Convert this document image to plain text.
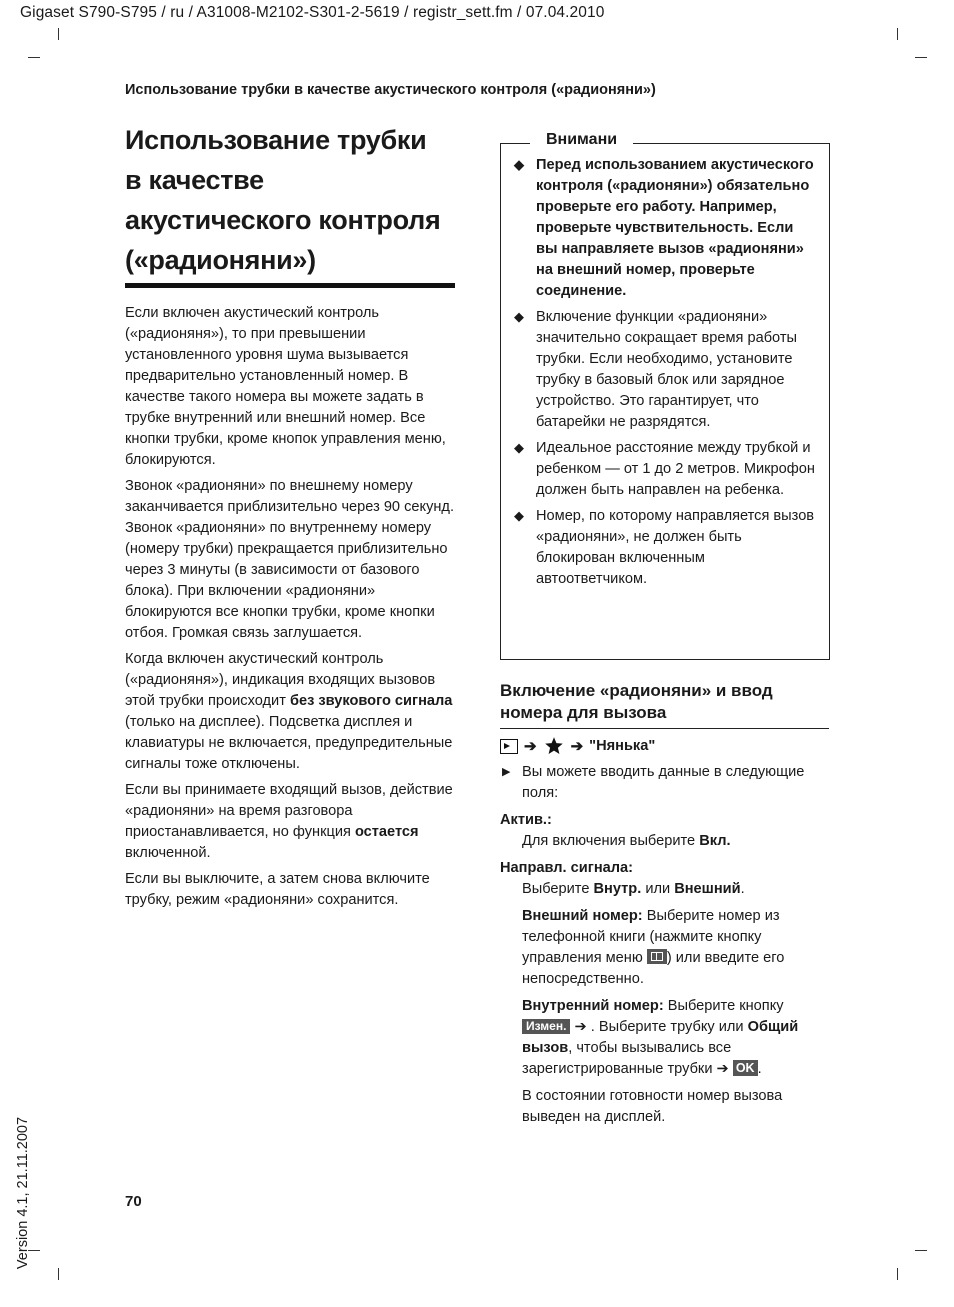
Gigaset S790-S795 / ru / A31008-M2102-S301-2-5619 / registr_sett.fm / 07.04.2010
Использование трубки в качестве акустического контроля («радионяни»)
Использование трубки
в качестве
акустического контроля
(«радионяни»)

Если включен акустический контроль («радионяня»), то при превышении установленного уровня шума вызывается предварительно установленный номер. В качестве такого номера вы можете задать в трубке внутренний или внешний номер. Все кнопки трубки, кроме кнопок управления меню, блокируются.

Звонок «радионяни» по внешнему номеру заканчивается приблизительно через 90 секунд. Звонок «радионяни» по внутреннему номеру (номеру трубки) прекращается приблизительно через 3 минуты (в зависимости от базового блока). При включении «радионяни» блокируются все кнопки трубки, кроме кнопки отбоя. Громкая связь заглушается.

Когда включен акустический контроль («радионяня»), индикация входящих вызовов этой трубки происходит без звукового сигнала (только на дисплее). Подсветка дисплея и клавиатуры не включается, предупредительные сигналы тоже отключены.

Если вы принимаете входящий вызов, действие «радионяни» на время разговора приостанавливается, но функция остается включенной.

Если вы выключите, а затем снова включите трубку, режим «радионяни» сохранится.

Внимани
◆ Перед использованием акустического контроля («радионяни») обязательно проверьте его работу. Например, проверьте чувствительность. Если вы направляете вызов «радионяни» на внешний номер, проверьте соединение.
◆ Включение функции «радионяни» значительно сокращает время работы трубки. Если необходимо, установите трубку в базовый блок или зарядное устройство. Это гарантирует, что батарейки не разрядятся.
◆ Идеальное расстояние между трубкой и ребенком — от 1 до 2 метров. Микрофон должен быть направлен на ребенка.
◆ Номер, по которому направляется вызов «радионяни», не должен быть блокирован включенным автоответчиком.
Включение «радионяни» и ввод номера для вызова
➔ ➔ "Нянька"

▶ Вы можете вводить данные в следующие поля:

Актив.:

Для включения выберите Вкл.

Направл. сигнала:

Выберите Внутр. или Внешний.

Внешний номер: Выберите номер из телефонной книги (нажмите кнопку управления меню ) или введите его непосредственно.

Внутренний номер: Выберите кнопку Измен. ➔ . Выберите трубку или Общий вызов, чтобы вызывались все зарегистрированные трубки ➔ OK .

В состоянии готовности номер вызова выведен на дисплей.

70
Version 4.1, 21.11.2007
